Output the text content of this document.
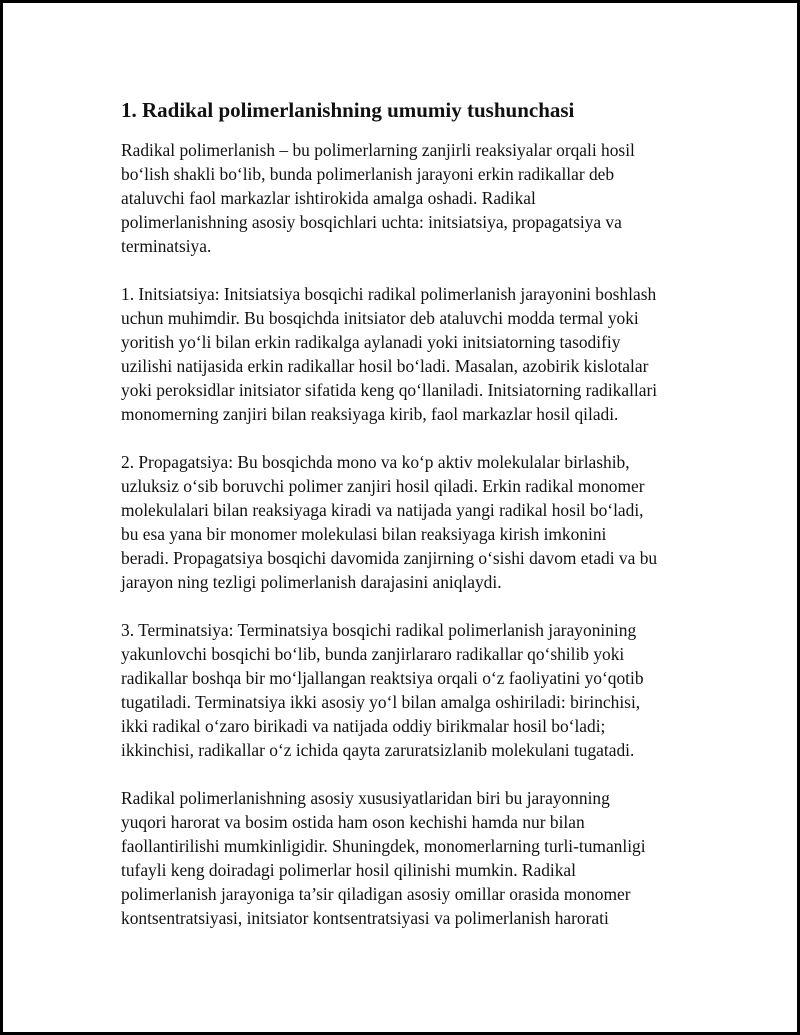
1. Radikal polimerlanishning umumiy tushunchasi
Radikal polimerlanish – bu polimerlarning zanjirli reaksiyalar orqali hosil
bo‘lish shakli bo‘lib, bunda polimerlanish jarayoni erkin radikallar deb
ataluvchi faol markazlar ishtirokida amalga oshadi. Radikal
polimerlanishning asosiy bosqichlari uchta: initsiatsiya, propagatsiya va
terminatsiya.
1. Initsiatsiya: Initsiatsiya bosqichi radikal polimerlanish jarayonini boshlash
uchun muhimdir. Bu bosqichda initsiator deb ataluvchi modda termal yoki
yoritish yo‘li bilan erkin radikalga aylanadi yoki initsiatorning tasodifiy
uzilishi natijasida erkin radikallar hosil bo‘ladi. Masalan, azobirik kislotalar
yoki peroksidlar initsiator sifatida keng qo‘llaniladi. Initsiatorning radikallari
monomerning zanjiri bilan reaksiyaga kirib, faol markazlar hosil qiladi.
2. Propagatsiya: Bu bosqichda mono va ko‘p aktiv molekulalar birlashib,
uzluksiz o‘sib boruvchi polimer zanjiri hosil qiladi. Erkin radikal monomer
molekulalari bilan reaksiyaga kiradi va natijada yangi radikal hosil bo‘ladi,
bu esa yana bir monomer molekulasi bilan reaksiyaga kirish imkonini
beradi. Propagatsiya bosqichi davomida zanjirning o‘sishi davom etadi va bu
jarayon ning tezligi polimerlanish darajasini aniqlaydi.
3. Terminatsiya: Terminatsiya bosqichi radikal polimerlanish jarayonining
yakunlovchi bosqichi bo‘lib, bunda zanjirlararo radikallar qo‘shilib yoki
radikallar boshqa bir mo‘ljallangan reaktsiya orqali o‘z faoliyatini yo‘qotib
tugatiladi. Terminatsiya ikki asosiy yo‘l bilan amalga oshiriladi: birinchisi,
ikki radikal o‘zaro birikadi va natijada oddiy birikmalar hosil bo‘ladi;
ikkinchisi, radikallar o‘z ichida qayta zaruratsizlanib molekulani tugatadi.
Radikal polimerlanishning asosiy xususiyatlaridan biri bu jarayonning
yuqori harorat va bosim ostida ham oson kechishi hamda nur bilan
faollantirilishi mumkinligidir. Shuningdek, monomerlarning turli-tumanligi
tufayli keng doiradagi polimerlar hosil qilinishi mumkin. Radikal
polimerlanish jarayoniga ta’sir qiladigan asosiy omillar orasida monomer
kontsentratsiyasi, initsiator kontsentratsiyasi va polimerlanish harorati
